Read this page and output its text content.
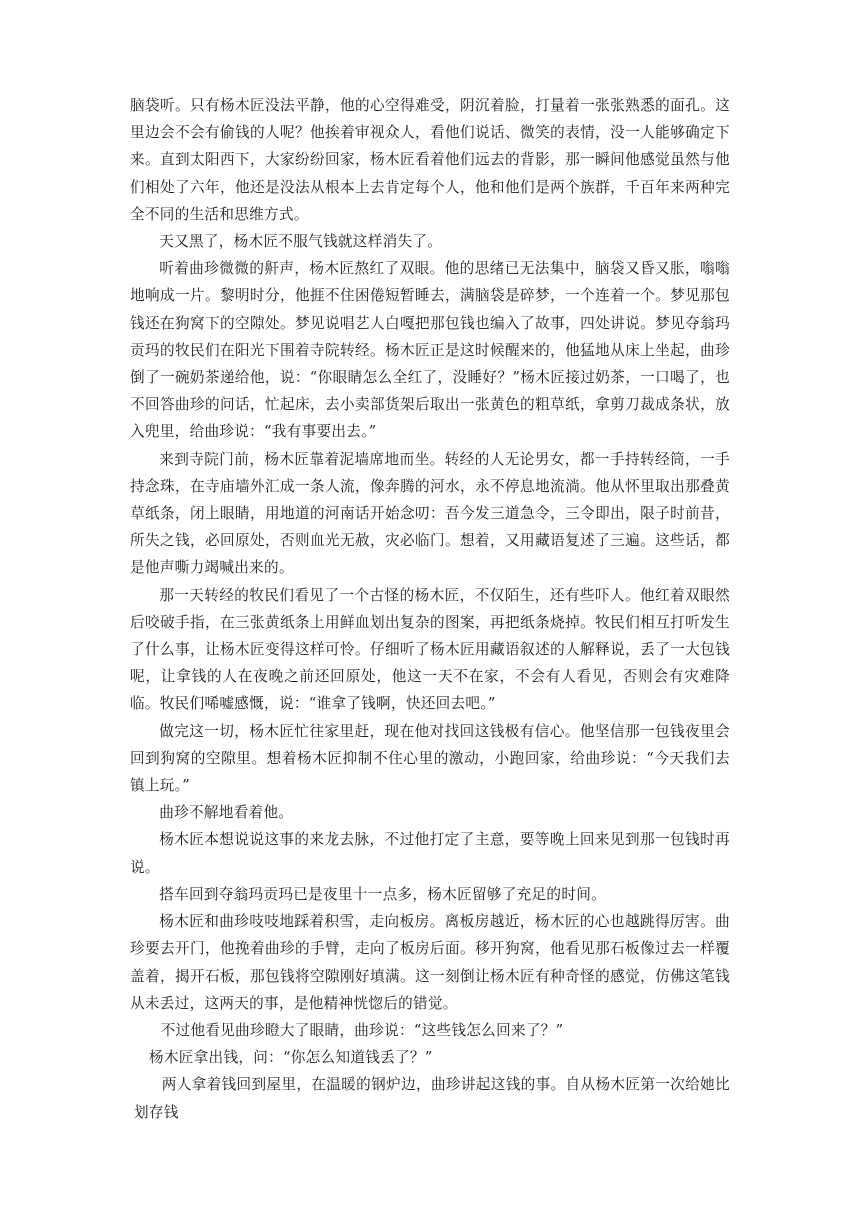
脑袋听。只有杨木匠没法平静，他的心空得难受，阴沉着脸，打量着一张张熟悉的面孔。这里边会不会有偷钱的人呢？他挨着审视众人，看他们说话、微笑的表情，没一人能够确定下来。直到太阳西下，大家纷纷回家，杨木匠看着他们远去的背影，那一瞬间他感觉虽然与他们相处了六年，他还是没法从根本上去肯定每个人，他和他们是两个族群，千百年来两种完全不同的生活和思维方式。

天又黑了，杨木匠不服气钱就这样消失了。

听着曲珍微微的鼾声，杨木匠熬红了双眼。他的思绪已无法集中，脑袋又昏又胀，嗡嗡地响成一片。黎明时分，他捱不住困倦短暂睡去，满脑袋是碎梦，一个连着一个。梦见那包钱还在狗窝下的空隙处。梦见说唱艺人白嘎把那包钱也编入了故事，四处讲说。梦见夺翁玛贡玛的牧民们在阳光下围着寺院转经。杨木匠正是这时候醒来的，他猛地从床上坐起，曲珍倒了一碗奶茶递给他，说：“你眼睛怎么全红了，没睡好？”杨木匠接过奶茶，一口喝了，也不回答曲珍的问话，忙起床，去小卖部货架后取出一张黄色的粗草纸，拿剪刀裁成条状，放入兜里，给曲珍说：“我有事要出去。”

来到寺院门前，杨木匠靠着泥墙席地而坐。转经的人无论男女，都一手持转经筒，一手持念珠，在寺庙墙外汇成一条人流，像奔腾的河水，永不停息地流淌。他从怀里取出那叠黄草纸条，闭上眼睛，用地道的河南话开始念叨：吾今发三道急令，三令即出，限子时前昔，所失之钱，必回原处，否则血光无赦，灾必临门。想着，又用藏语复述了三遍。这些话，都是他声嘶力竭喊出来的。

那一天转经的牧民们看见了一个古怪的杨木匠，不仅陌生，还有些吓人。他红着双眼然后咬破手指，在三张黄纸条上用鲜血划出复杂的图案，再把纸条烧掉。牧民们相互打听发生了什么事，让杨木匠变得这样可怜。仔细听了杨木匠用藏语叙述的人解释说，丢了一大包钱呢，让拿钱的人在夜晚之前还回原处，他这一天不在家，不会有人看见，否则会有灾难降临。牧民们唏嘘感慨，说：“谁拿了钱啊，快还回去吧。”

做完这一切，杨木匠忙往家里赶，现在他对找回这钱极有信心。他坚信那一包钱夜里会回到狗窝的空隙里。想着杨木匠抑制不住心里的激动，小跑回家，给曲珍说：“今天我们去镇上玩。”

曲珍不解地看着他。

杨木匠本想说说这事的来龙去脉，不过他打定了主意，要等晚上回来见到那一包钱时再说。

搭车回到夺翁玛贡玛已是夜里十一点多，杨木匠留够了充足的时间。

杨木匠和曲珍吱吱地踩着积雪，走向板房。离板房越近，杨木匠的心也越跳得厉害。曲珍要去开门，他挽着曲珍的手臂，走向了板房后面。移开狗窝，他看见那石板像过去一样覆盖着，揭开石板，那包钱将空隙刚好填满。这一刻倒让杨木匠有种奇怪的感觉，仿佛这笔钱从未丢过，这两天的事，是他精神恍惚后的错觉。

不过他看见曲珍瞪大了眼睛，曲珍说：“这些钱怎么回来了？”

杨木匠拿出钱，问：“你怎么知道钱丢了？”

两人拿着钱回到屋里，在温暖的钢炉边，曲珍讲起这钱的事。自从杨木匠第一次给她比划存钱
